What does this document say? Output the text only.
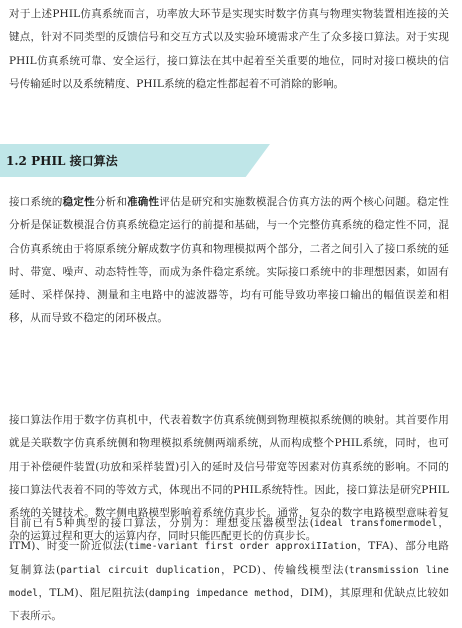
对于上述PHIL仿真系统而言，功率放大环节是实现实时数字仿真与物理实物装置相连接的关键点，针对不同类型的反馈信号和交互方式以及实验环境需求产生了众多接口算法。对于实现PHIL仿真系统可靠、安全运行，接口算法在其中起着至关重要的地位，同时对接口模块的信号传输延时以及系统精度、PHIL系统的稳定性都起着不可消除的影响。

1.2 PHIL 接口算法

接口系统的稳定性分析和准确性评估是研究和实施数模混合仿真方法的两个核心问题。稳定性分析是保证数模混合仿真系统稳定运行的前提和基础，与一个完整仿真系统的稳定性不同，混合仿真系统由于将原系统分解成数字仿真和物理模拟两个部分，二者之间引入了接口系统的延时、带宽、噪声、动态特性等，而成为条件稳定系统。实际接口系统中的非理想因素，如固有延时、采样保持、测量和主电路中的滤波器等，均有可能导致功率接口输出的幅值误差和相移，从而导致不稳定的闭环极点。

接口算法作用于数字仿真机中，代表着数字仿真系统侧到物理模拟系统侧的映射。其首要作用就是关联数字仿真系统侧和物理模拟系统侧两端系统，从而构成整个PHIL系统，同时，也可用于补偿硬件装置(功放和采样装置)引入的延时及信号带宽等因素对仿真系统的影响。不同的接口算法代表着不同的等效方式，体现出不同的PHIL系统特性。因此，接口算法是研究PHIL系统的关键技术。数字侧电路模型影响着系统仿真步长。通常，复杂的数字电路模型意味着复杂的运算过程和更大的运算内存，同时只能匹配更长的仿真步长。

目前已有5种典型的接口算法，分别为：理想变压器模型法(ideal transfomermodel，ITM)、时变一阶近似法(time-variant first order approxiIIation，TFA)、部分电路复制算法(partial circuit duplication，PCD)、传输线模型法(transmission line model，TLM)、阻尼阻抗法(damping impedance method，DIM)，其原理和优缺点比较如下表所示。
